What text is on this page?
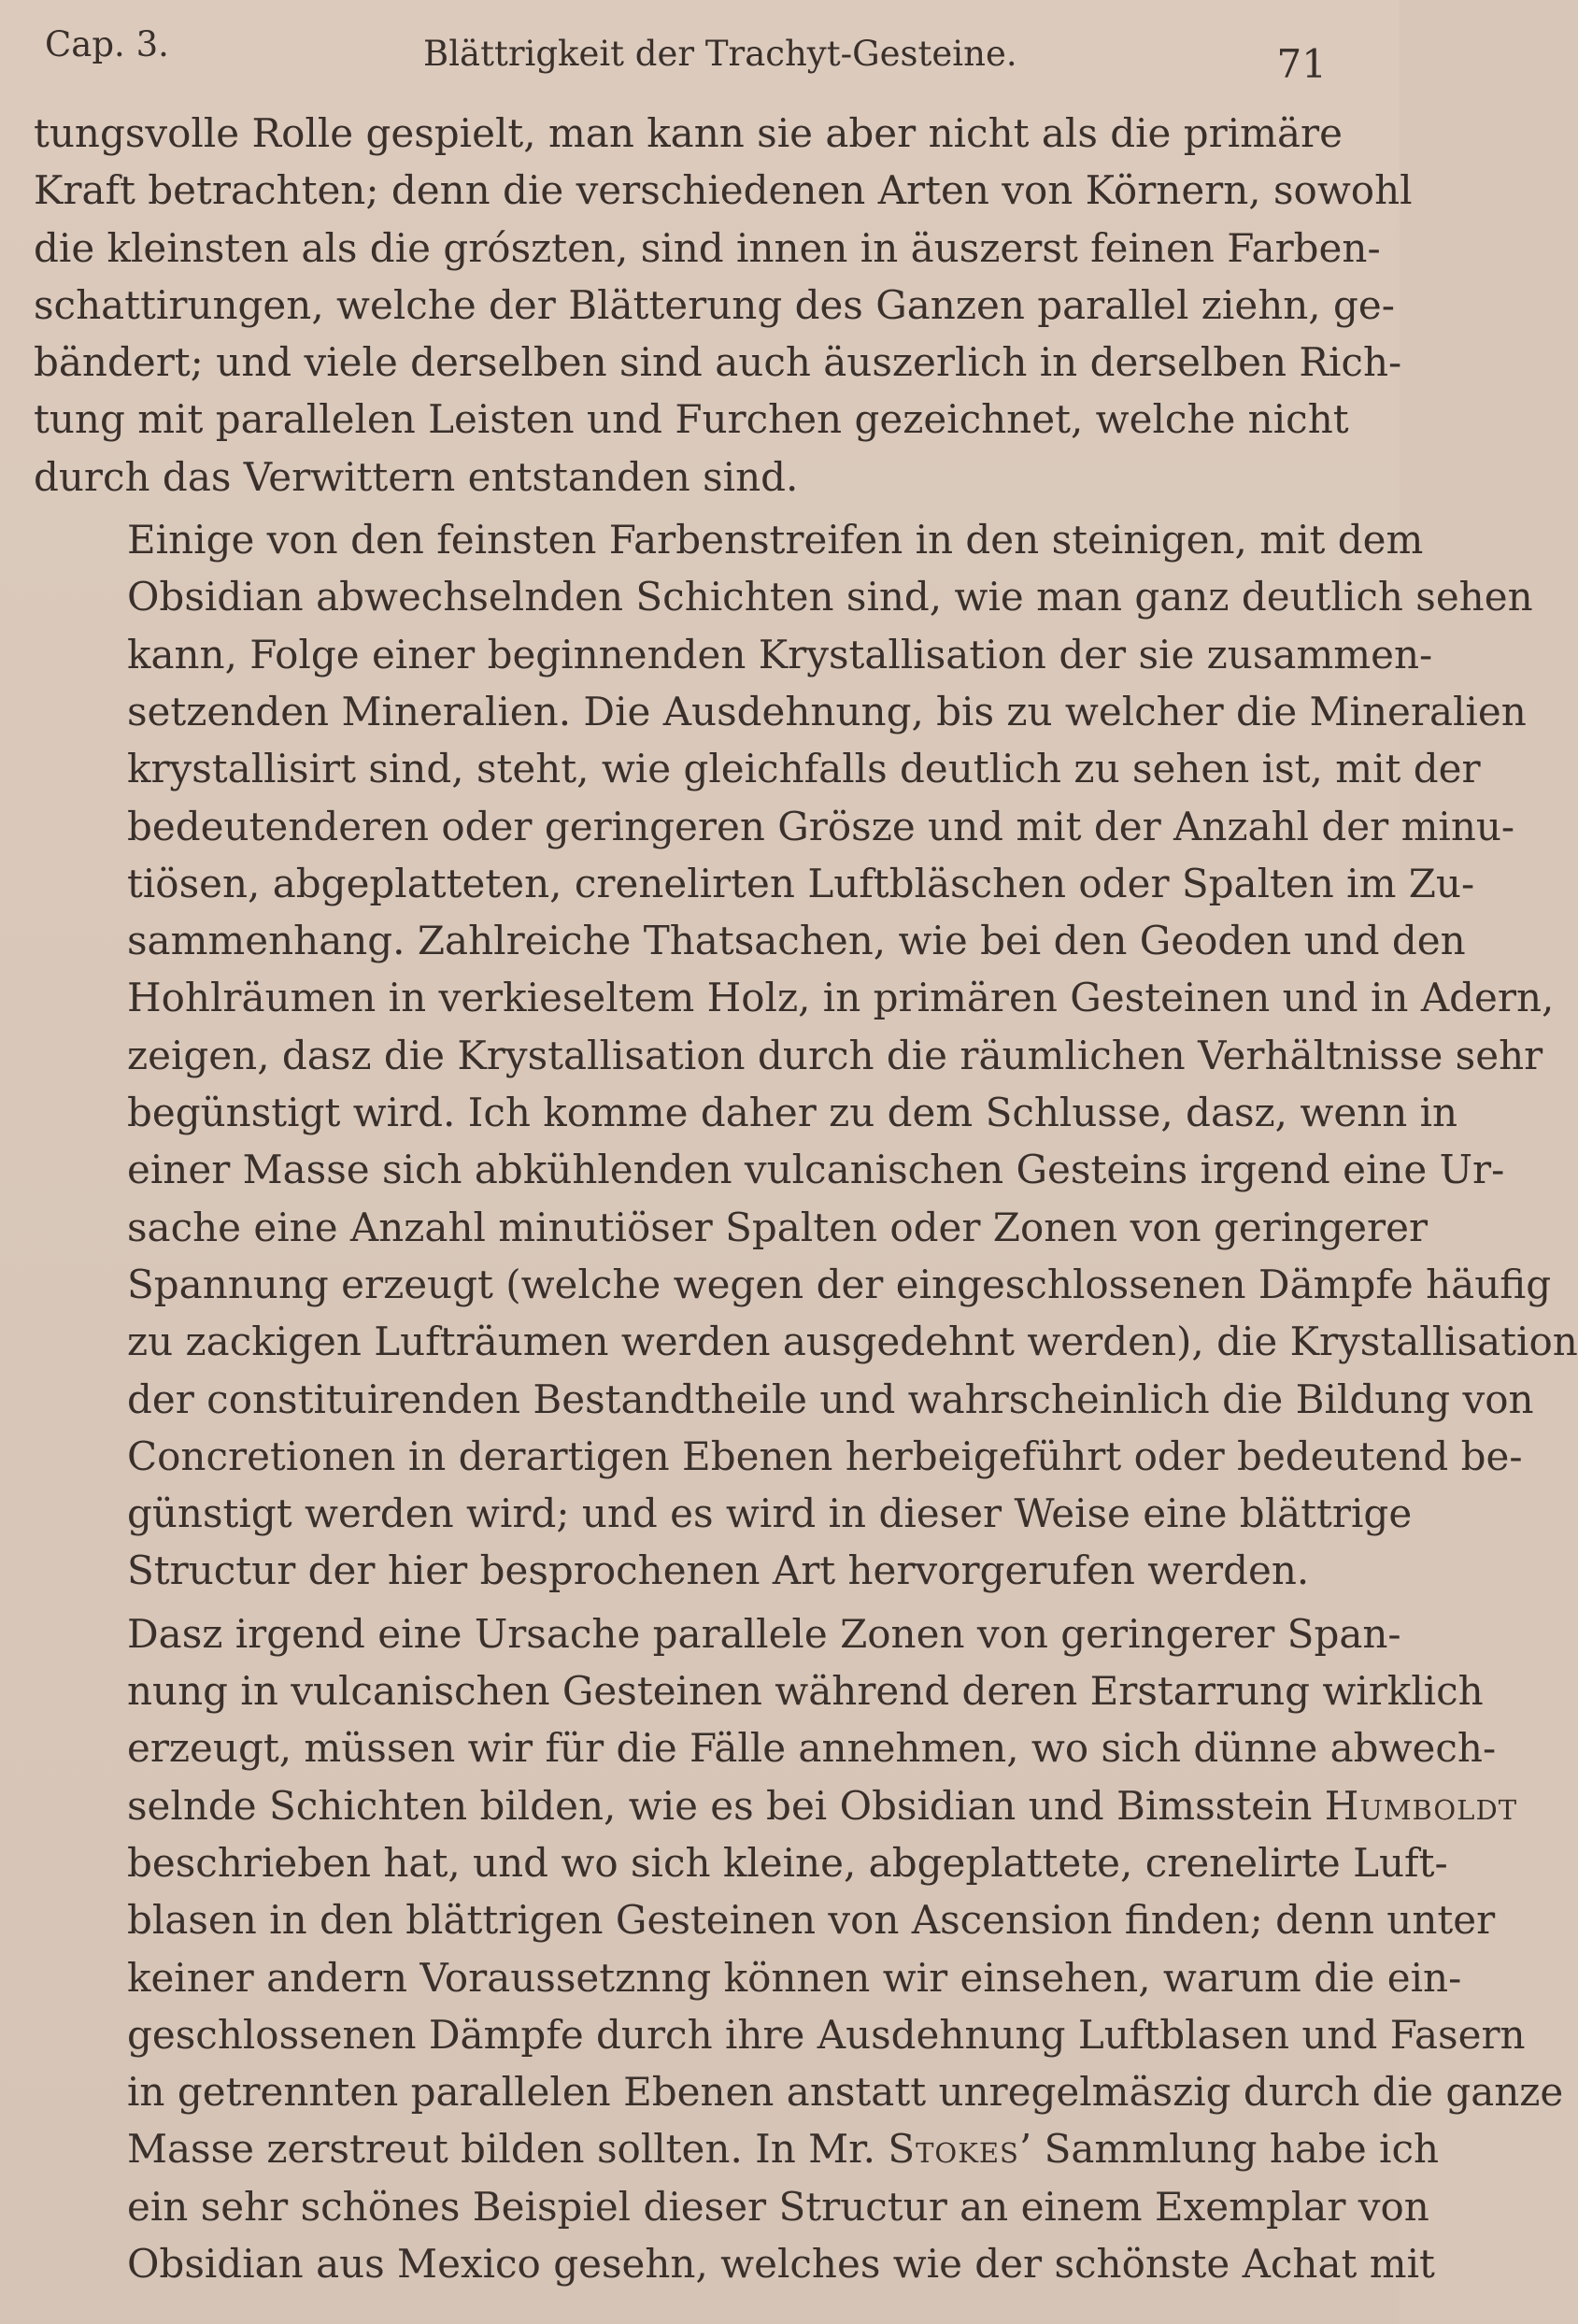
Cap. 3.	Blättrigkeit der Trachyt-Gesteine.	71

tungsvolle Rolle gespielt, man kann sie aber nicht als die primäre
Kraft betrachten; denn die verschiedenen Arten von Körnern, sowohl
die kleinsten als die grószten, sind innen in äuszerst feinen Farben-
schattirungen, welche der Blätterung des Ganzen parallel ziehn, ge-
bändert; und viele derselben sind auch äuszerlich in derselben Rich-
tung mit parallelen Leisten und Furchen gezeichnet, welche nicht
durch das Verwittern entstanden sind.

Einige von den feinsten Farbenstreifen in den steinigen, mit dem
Obsidian abwechselnden Schichten sind, wie man ganz deutlich sehen
kann, Folge einer beginnenden Krystallisation der sie zusammen-
setzenden Mineralien. Die Ausdehnung, bis zu welcher die Mineralien
krystallisirt sind, steht, wie gleichfalls deutlich zu sehen ist, mit der
bedeutenderen oder geringeren Grösze und mit der Anzahl der minu-
tiösen, abgeplatteten, crenelirten Luftbläschen oder Spalten im Zu-
sammenhang. Zahlreiche Thatsachen, wie bei den Geoden und den
Hohlräumen in verkieseltem Holz, in primären Gesteinen und in Adern,
zeigen, dasz die Krystallisation durch die räumlichen Verhältnisse sehr
begünstigt wird. Ich komme daher zu dem Schlusse, dasz, wenn in
einer Masse sich abkühlenden vulcanischen Gesteins irgend eine Ur-
sache eine Anzahl minutiöser Spalten oder Zonen von geringerer
Spannung erzeugt (welche wegen der eingeschlossenen Dämpfe häufig
zu zackigen Lufträumen werden ausgedehnt werden), die Krystallisation
der constituirenden Bestandtheile und wahrscheinlich die Bildung von
Concretionen in derartigen Ebenen herbeigeführt oder bedeutend be-
günstigt werden wird; und es wird in dieser Weise eine blättrige
Structur der hier besprochenen Art hervorgerufen werden.

Dasz irgend eine Ursache parallele Zonen von geringerer Span-
nung in vulcanischen Gesteinen während deren Erstarrung wirklich
erzeugt, müssen wir für die Fälle annehmen, wo sich dünne abwech-
selnde Schichten bilden, wie es bei Obsidian und Bimsstein Humboldt
beschrieben hat, und wo sich kleine, abgeplattete, crenelirte Luft-
blasen in den blättrigen Gesteinen von Ascension finden; denn unter
keiner andern Voraussetznng können wir einsehen, warum die ein-
geschlossenen Dämpfe durch ihre Ausdehnung Luftblasen und Fasern
in getrennten parallelen Ebenen anstatt unregelmäszig durch die ganze
Masse zerstreut bilden sollten. In Mr. Stokes’ Sammlung habe ich
ein sehr schönes Beispiel dieser Structur an einem Exemplar von
Obsidian aus Mexico gesehn, welches wie der schönste Achat mit
